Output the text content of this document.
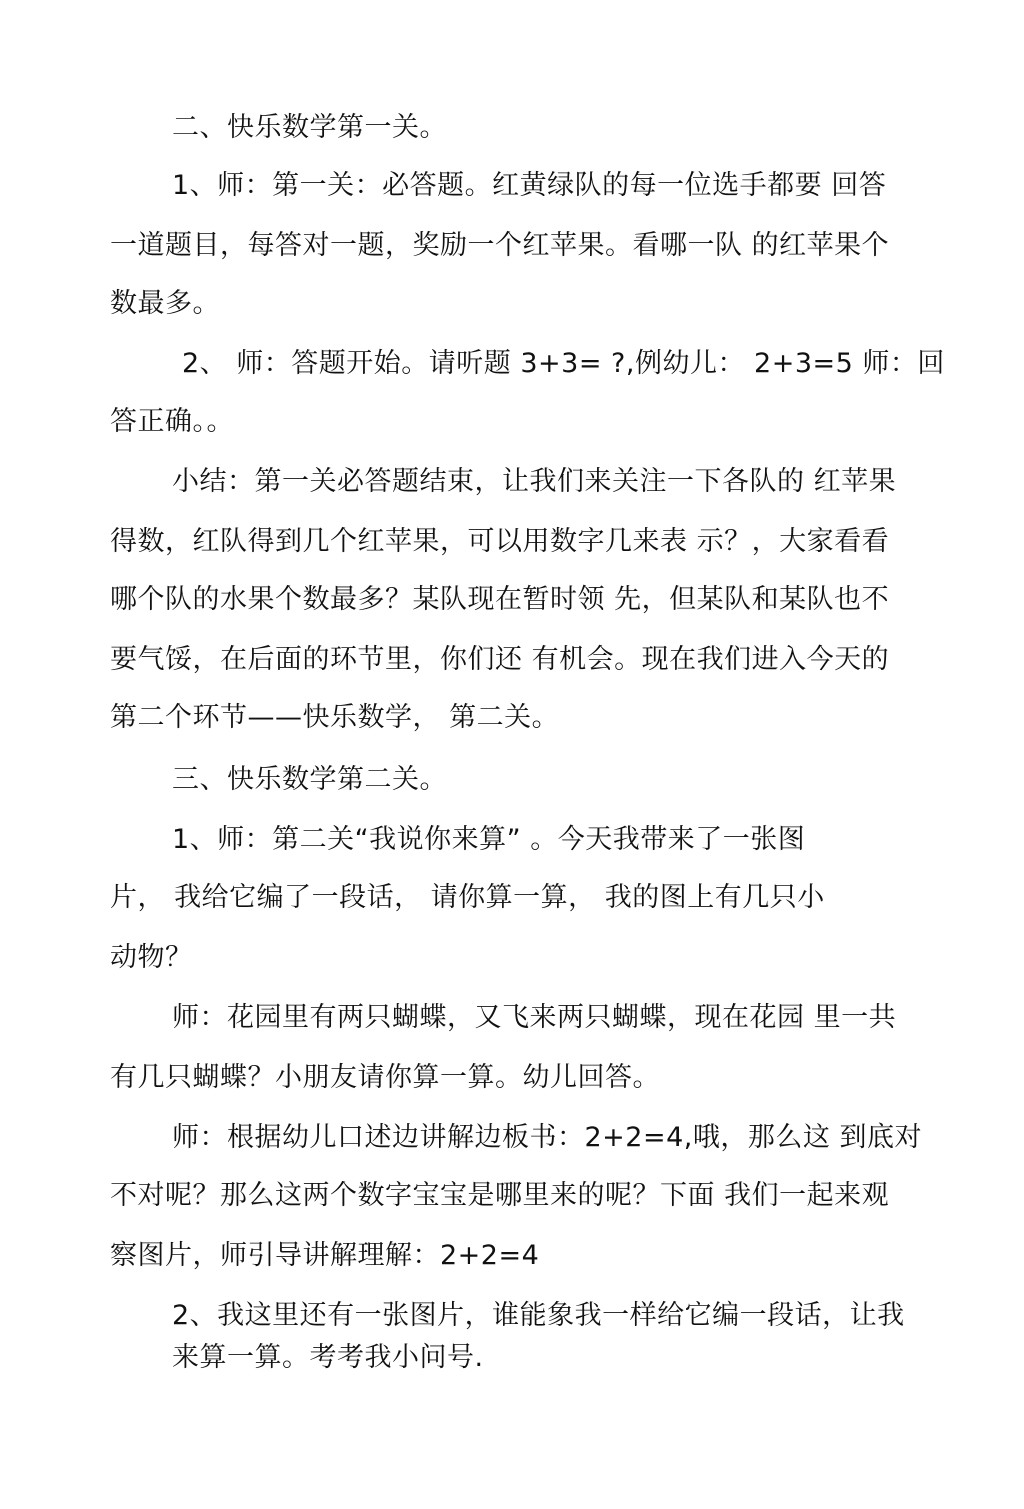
二、快乐数学第一关。
1、师：第一关：必答题。红黄绿队的每一位选手都要 回答
一道题目，每答对一题，奖励一个红苹果。看哪一队 的红苹果个
数最多。
2、 师：答题开始。请听题 3+3= ?,例幼儿： 2+3=5 师：回
答正确。。
小结：第一关必答题结束，让我们来关注一下各队的 红苹果
得数，红队得到几个红苹果，可以用数字几来表 示？，大家看看
哪个队的水果个数最多？某队现在暂时领 先，但某队和某队也不
要气馁，在后面的环节里，你们还 有机会。现在我们进入今天的
第二个环节——快乐数学， 第二关。
三、快乐数学第二关。
1、师：第二关“我说你来算” 。今天我带来了一张图
片， 我给它编了一段话， 请你算一算， 我的图上有几只小
动物？
师：花园里有两只蝴蝶，又飞来两只蝴蝶，现在花园 里一共
有几只蝴蝶？小朋友请你算一算。幼儿回答。
师：根据幼儿口述边讲解边板书：2+2=4,哦，那么这 到底对
不对呢？那么这两个数字宝宝是哪里来的呢？下面 我们一起来观
察图片，师引导讲解理解：2+2=4
2、我这里还有一张图片，谁能象我一样给它编一段话，让我
来算一算。考考我小问号.
